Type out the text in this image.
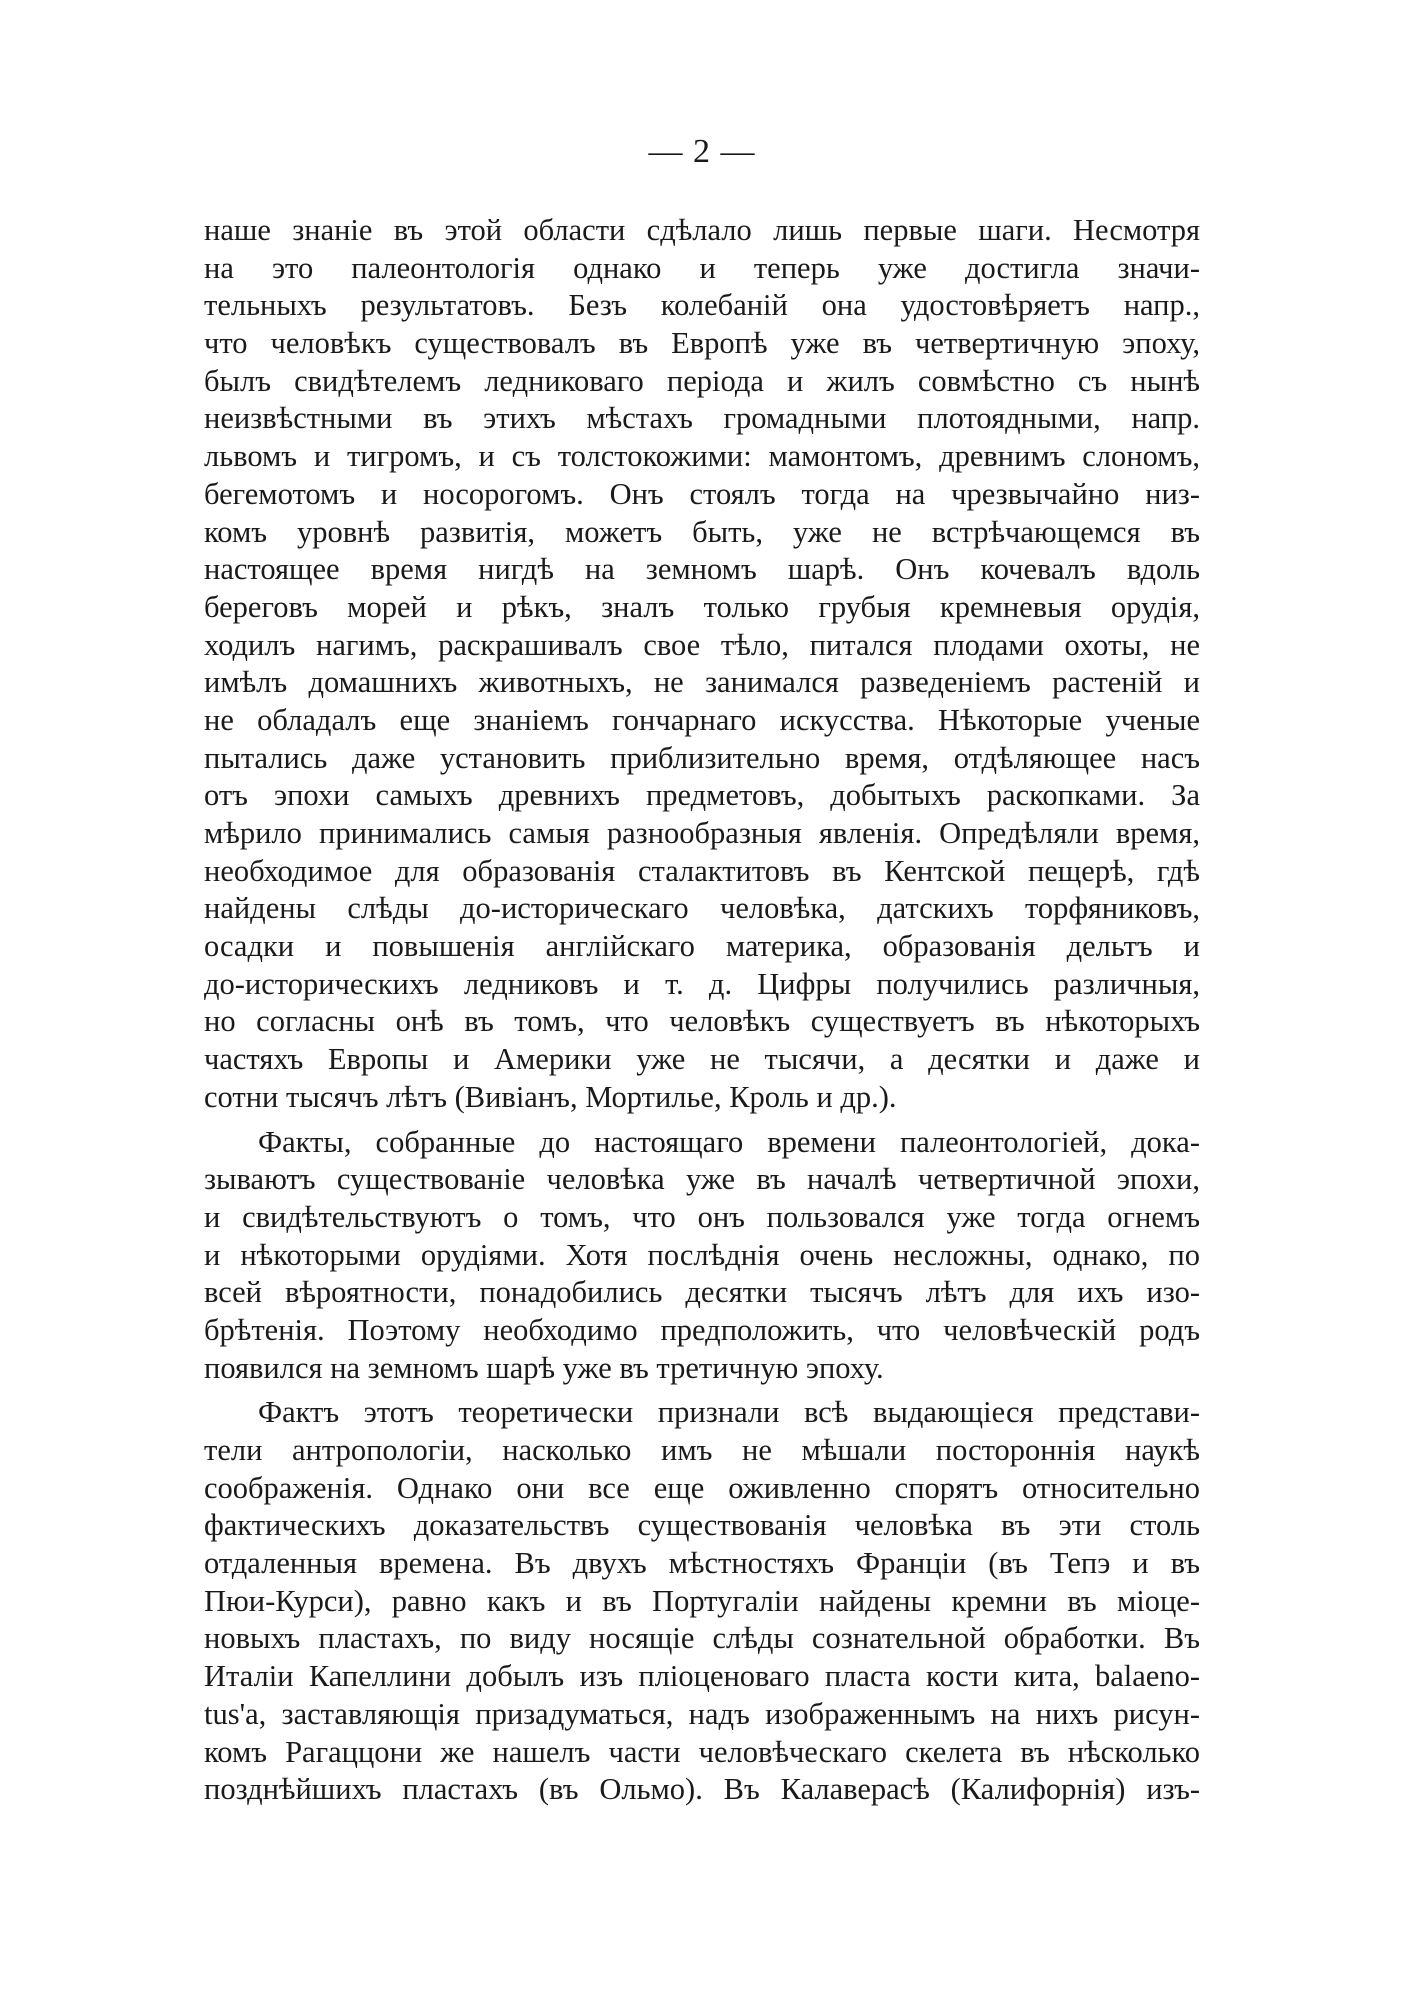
— 2 —
наше знаніе въ этой области сдѣлало лишь первые шаги. Несмотря
на это палеонтологія однако и теперь уже достигла значи-
тельныхъ результатовъ. Безъ колебаній она удостовѣряетъ напр.,
что человѣкъ существовалъ въ Европѣ уже въ четвертичную эпоху,
былъ свидѣтелемъ ледниковаго періода и жилъ совмѣстно съ нынѣ
неизвѣстными въ этихъ мѣстахъ громадными плотоядными, напр.
львомъ и тигромъ, и съ толстокожими: мамонтомъ, древнимъ слономъ,
бегемотомъ и носорогомъ. Онъ стоялъ тогда на чрезвычайно низ-
комъ уровнѣ развитія, можетъ быть, уже не встрѣчающемся въ
настоящее время нигдѣ на земномъ шарѣ. Онъ кочевалъ вдоль
береговъ морей и рѣкъ, зналъ только грубыя кремневыя орудія,
ходилъ нагимъ, раскрашивалъ свое тѣло, питался плодами охоты, не
имѣлъ домашнихъ животныхъ, не занимался разведеніемъ растеній и
не обладалъ еще знаніемъ гончарнаго искусства. Нѣкоторые ученые
пытались даже установить приблизительно время, отдѣляющее насъ
отъ эпохи самыхъ древнихъ предметовъ, добытыхъ раскопками. За
мѣрило принимались самыя разнообразныя явленія. Опредѣляли время,
необходимое для образованія сталактитовъ въ Кентской пещерѣ, гдѣ
найдены слѣды до-историческаго человѣка, датскихъ торфяниковъ,
осадки и повышенія англійскаго материка, образованія дельтъ и
до-историческихъ ледниковъ и т. д. Цифры получились различныя,
но согласны онѣ въ томъ, что человѣкъ существуетъ въ нѣкоторыхъ
частяхъ Европы и Америки уже не тысячи, а десятки и даже и
сотни тысячъ лѣтъ (Вивіанъ, Мортилье, Кроль и др.).
Факты, собранные до настоящаго времени палеонтологіей, дока-
зываютъ существованіе человѣка уже въ началѣ четвертичной эпохи,
и свидѣтельствуютъ о томъ, что онъ пользовался уже тогда огнемъ
и нѣкоторыми орудіями. Хотя послѣднія очень несложны, однако, по
всей вѣроятности, понадобились десятки тысячъ лѣтъ для ихъ изо-
брѣтенія. Поэтому необходимо предположить, что человѣческій родъ
появился на земномъ шарѣ уже въ третичную эпоху.
Фактъ этотъ теоретически признали всѣ выдающіеся представи-
тели антропологіи, насколько имъ не мѣшали постороннія наукѣ
соображенія. Однако они все еще оживленно спорятъ относительно
фактическихъ доказательствъ существованія человѣка въ эти столь
отдаленныя времена. Въ двухъ мѣстностяхъ Франціи (въ Тепэ и въ
Пюи-Курси), равно какъ и въ Португаліи найдены кремни въ міоце-
новыхъ пластахъ, по виду носящіе слѣды сознательной обработки. Въ
Италіи Капеллини добылъ изъ пліоценоваго пласта кости кита, balaeno-
tus'а, заставляющія призадуматься, надъ изображеннымъ на нихъ рисун-
комъ Рагаццони же нашелъ части человѣческаго скелета въ нѣсколько
позднѣйшихъ пластахъ (въ Ольмо). Въ Калаверасѣ (Калифорнія) изъ-
